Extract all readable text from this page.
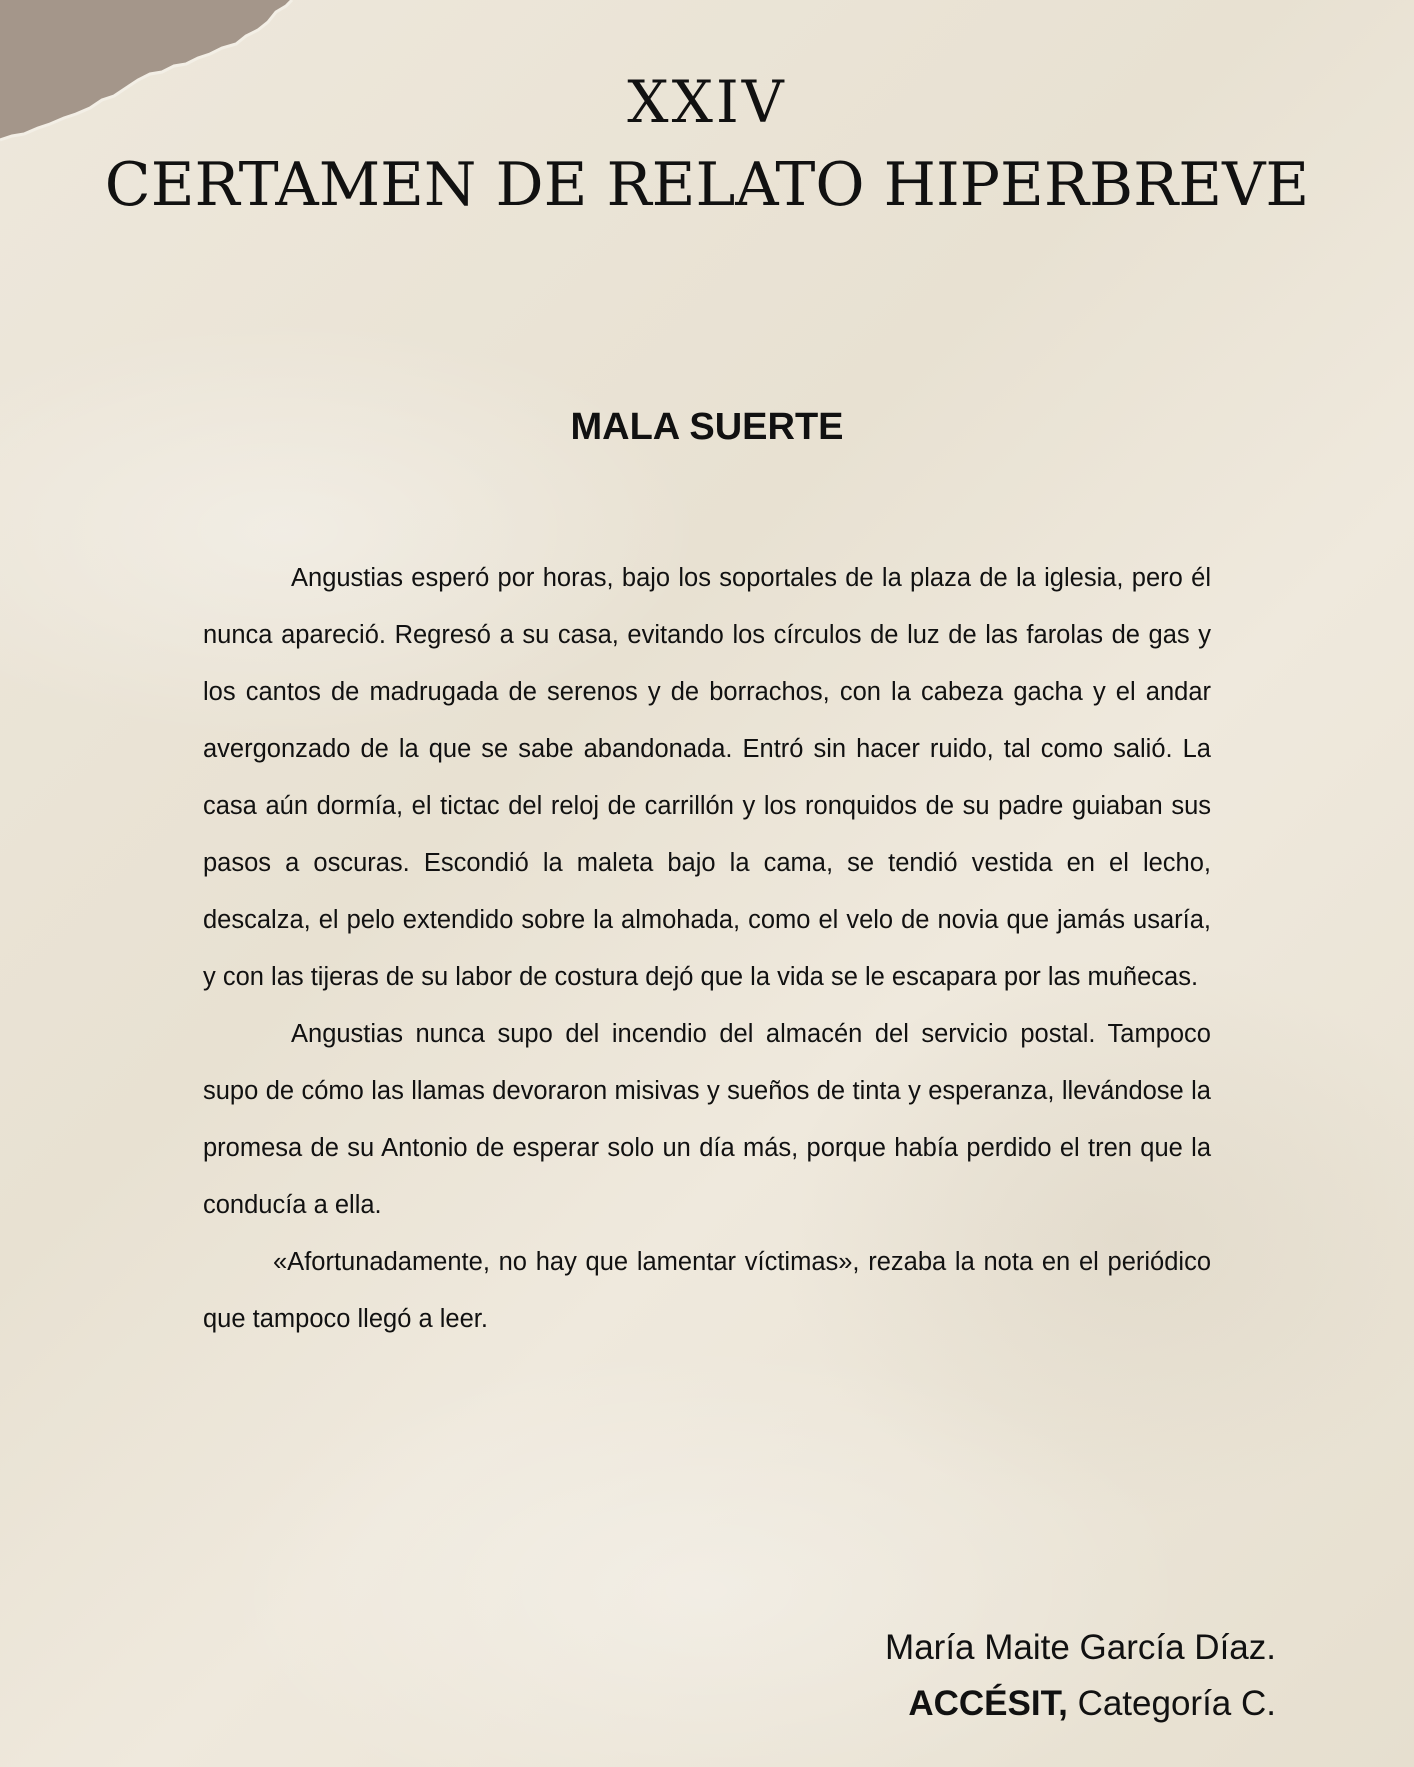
XXIV
CERTAMEN DE RELATO HIPERBREVE
MALA SUERTE

Angustias esperó por horas, bajo los soportales de la plaza de la iglesia, pero él nunca apareció. Regresó a su casa, evitando los círculos de luz de las farolas de gas y los cantos de madrugada de serenos y de borrachos, con la cabeza gacha y el andar avergonzado de la que se sabe abandonada. Entró sin hacer ruido, tal como salió. La casa aún dormía, el tictac del reloj de carrillón y los ronquidos de su padre guiaban sus pasos a oscuras. Escondió la maleta bajo la cama, se tendió vestida en el lecho, descalza, el pelo extendido sobre la almohada, como el velo de novia que jamás usaría, y con las tijeras de su labor de costura dejó que la vida se le escapara por las muñecas.

Angustias nunca supo del incendio del almacén del servicio postal. Tampoco supo de cómo las llamas devoraron misivas y sueños de tinta y esperanza, llevándose la promesa de su Antonio de esperar solo un día más, porque había perdido el tren que la conducía a ella.

«Afortunadamente, no hay que lamentar víctimas», rezaba la nota en el periódico que tampoco llegó a leer.

María Maite García Díaz.
ACCÉSIT, Categoría C.
